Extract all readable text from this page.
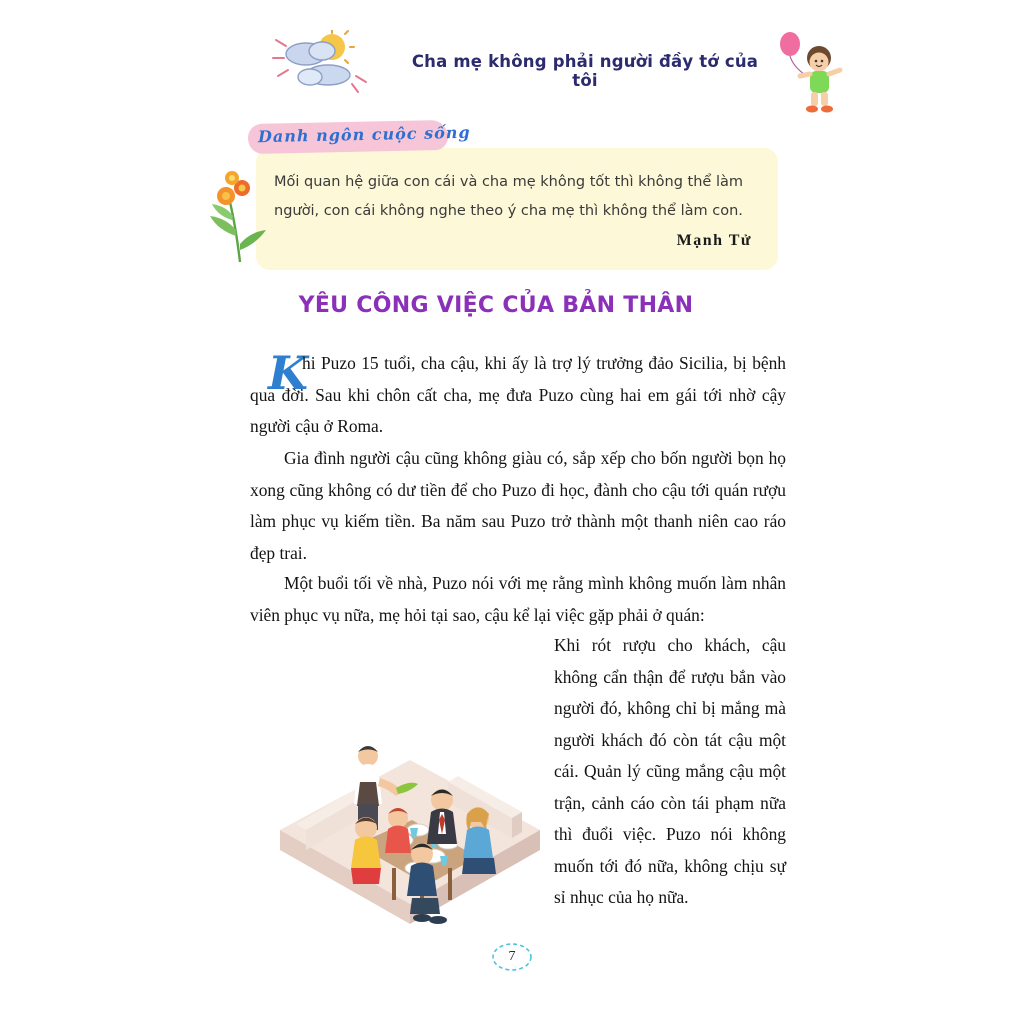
Cha mẹ không phải người đầy tớ của tôi
Danh ngôn cuộc sống
Mối quan hệ giữa con cái và cha mẹ không tốt thì không thể làm người, con cái không nghe theo ý cha mẹ thì không thể làm con.
Mạnh Tử
YÊU CÔNG VIỆC CỦA BẢN THÂN
K
hi Puzo 15 tuổi, cha cậu, khi ấy là trợ lý trưởng đảo Sicilia, bị bệnh qua đời. Sau khi chôn cất cha, mẹ đưa Puzo cùng hai em gái tới nhờ cậy người cậu ở Roma.
Gia đình người cậu cũng không giàu có, sắp xếp cho bốn người bọn họ xong cũng không có dư tiền để cho Puzo đi học, đành cho cậu tới quán rượu làm phục vụ kiếm tiền. Ba năm sau Puzo trở thành một thanh niên cao ráo đẹp trai.
Một buổi tối về nhà, Puzo nói với mẹ rằng mình không muốn làm nhân viên phục vụ nữa, mẹ hỏi tại sao, cậu kể lại việc gặp phải ở quán:
Khi rót rượu cho khách, cậu không cẩn thận để rượu bắn vào người đó, không chỉ bị mắng mà người khách đó còn tát cậu một cái. Quản lý cũng mắng cậu một trận, cảnh cáo còn tái phạm nữa thì đuổi việc. Puzo nói không muốn tới đó nữa, không chịu sự sỉ nhục của họ nữa.
7
